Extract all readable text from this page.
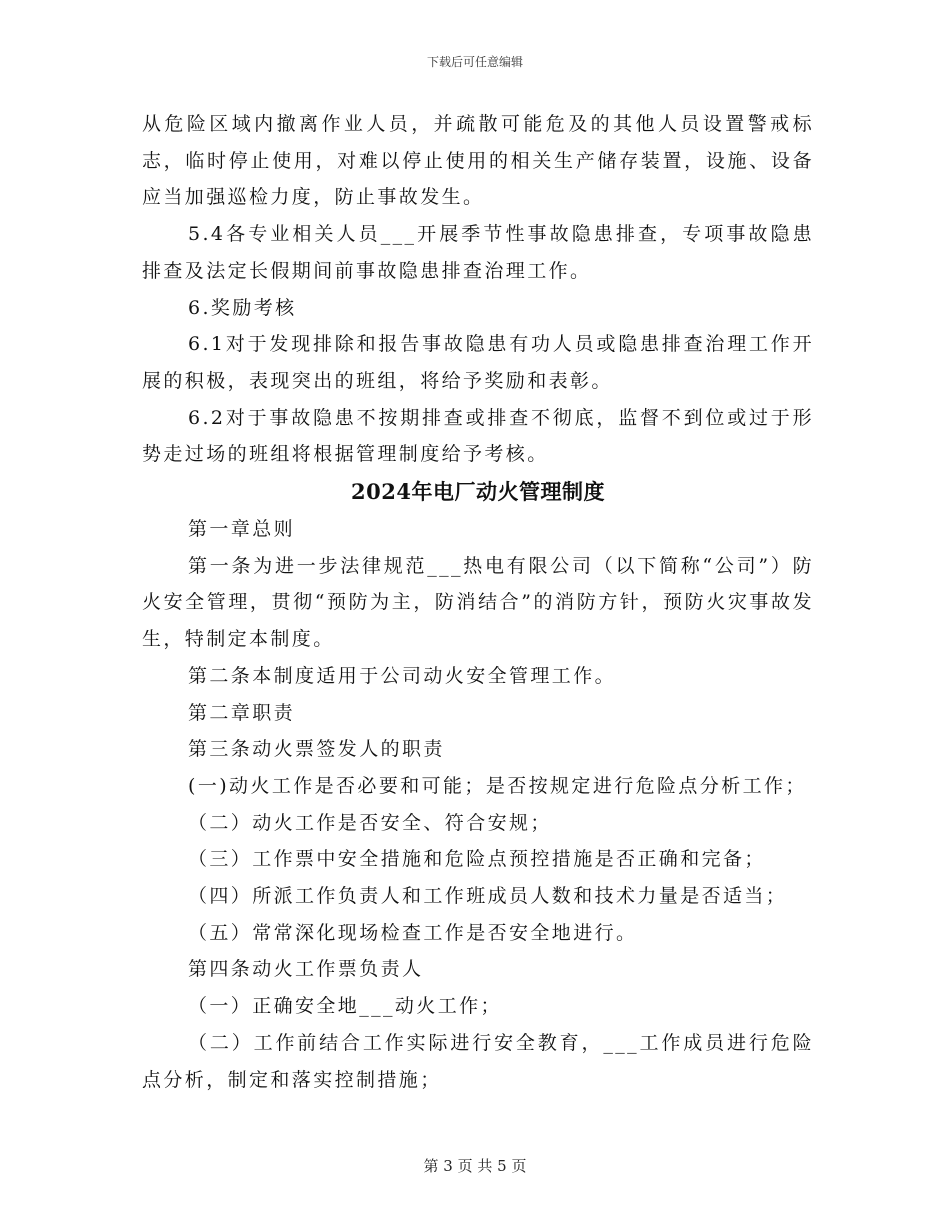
下载后可任意编辑

从危险区域内撤离作业人员，并疏散可能危及的其他人员设置警戒标志，临时停止使用，对难以停止使用的相关生产储存装置，设施、设备应当加强巡检力度，防止事故发生。

5.4各专业相关人员___开展季节性事故隐患排查，专项事故隐患排查及法定长假期间前事故隐患排查治理工作。

6.奖励考核

6.1对于发现排除和报告事故隐患有功人员或隐患排查治理工作开展的积极，表现突出的班组，将给予奖励和表彰。

6.2对于事故隐患不按期排查或排查不彻底，监督不到位或过于形势走过场的班组将根据管理制度给予考核。

2024年电厂动火管理制度

第一章总则

第一条为进一步法律规范___热电有限公司（以下简称“公司”）防火安全管理，贯彻“预防为主，防消结合”的消防方针，预防火灾事故发生，特制定本制度。

第二条本制度适用于公司动火安全管理工作。

第二章职责

第三条动火票签发人的职责

(一)动火工作是否必要和可能；是否按规定进行危险点分析工作；

（二）动火工作是否安全、符合安规；

（三）工作票中安全措施和危险点预控措施是否正确和完备；

（四）所派工作负责人和工作班成员人数和技术力量是否适当；

（五）常常深化现场检查工作是否安全地进行。

第四条动火工作票负责人

（一）正确安全地___动火工作；

（二）工作前结合工作实际进行安全教育，___工作成员进行危险点分析，制定和落实控制措施；

第 3 页 共 5 页
